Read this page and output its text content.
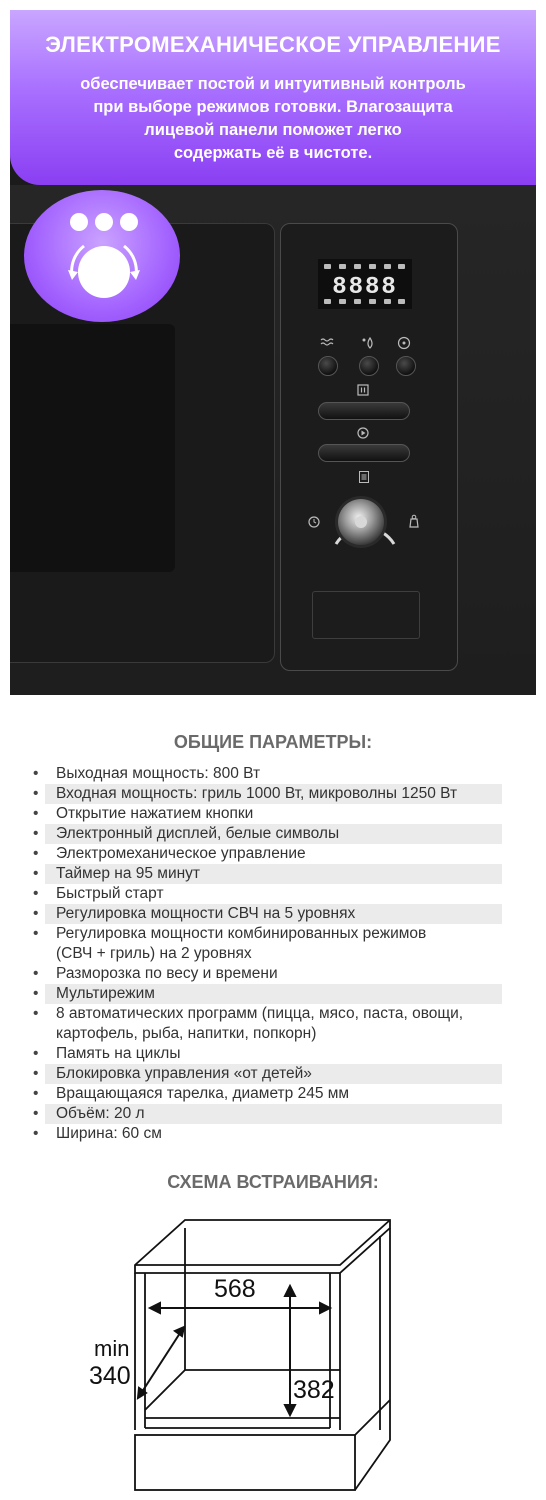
ЭЛЕКТРОМЕХАНИЧЕСКОЕ УПРАВЛЕНИЕ
обеспечивает постой и интуитивный контроль
при выборе режимов готовки. Влагозащита
лицевой панели поможет легко
содержать её в чистоте.
8888
ОБЩИЕ ПАРАМЕТРЫ:
•	Выходная мощность: 800 Вт
•	Входная мощность: гриль 1000 Вт, микроволны 1250 Вт
•	Открытие нажатием кнопки
•	Электронный дисплей, белые символы
•	Электромеханическое управление
•	Таймер на 95 минут
•	Быстрый старт
•	Регулировка мощности СВЧ на 5 уровнях
•	Регулировка мощности комбинированных режимов
(СВЧ + гриль) на 2 уровнях
•	Разморозка по весу и времени
•	Мультирежим
•	8 автоматических программ (пицца, мясо, паста, овощи,
картофель, рыба, напитки, попкорн)
•	Память на циклы
•	Блокировка управления «от детей»
•	Вращающаяся тарелка, диаметр 245 мм
•	Объём: 20 л
•	Ширина: 60 см
СХЕМА ВСТРАИВАНИЯ:
568
382
min
340
